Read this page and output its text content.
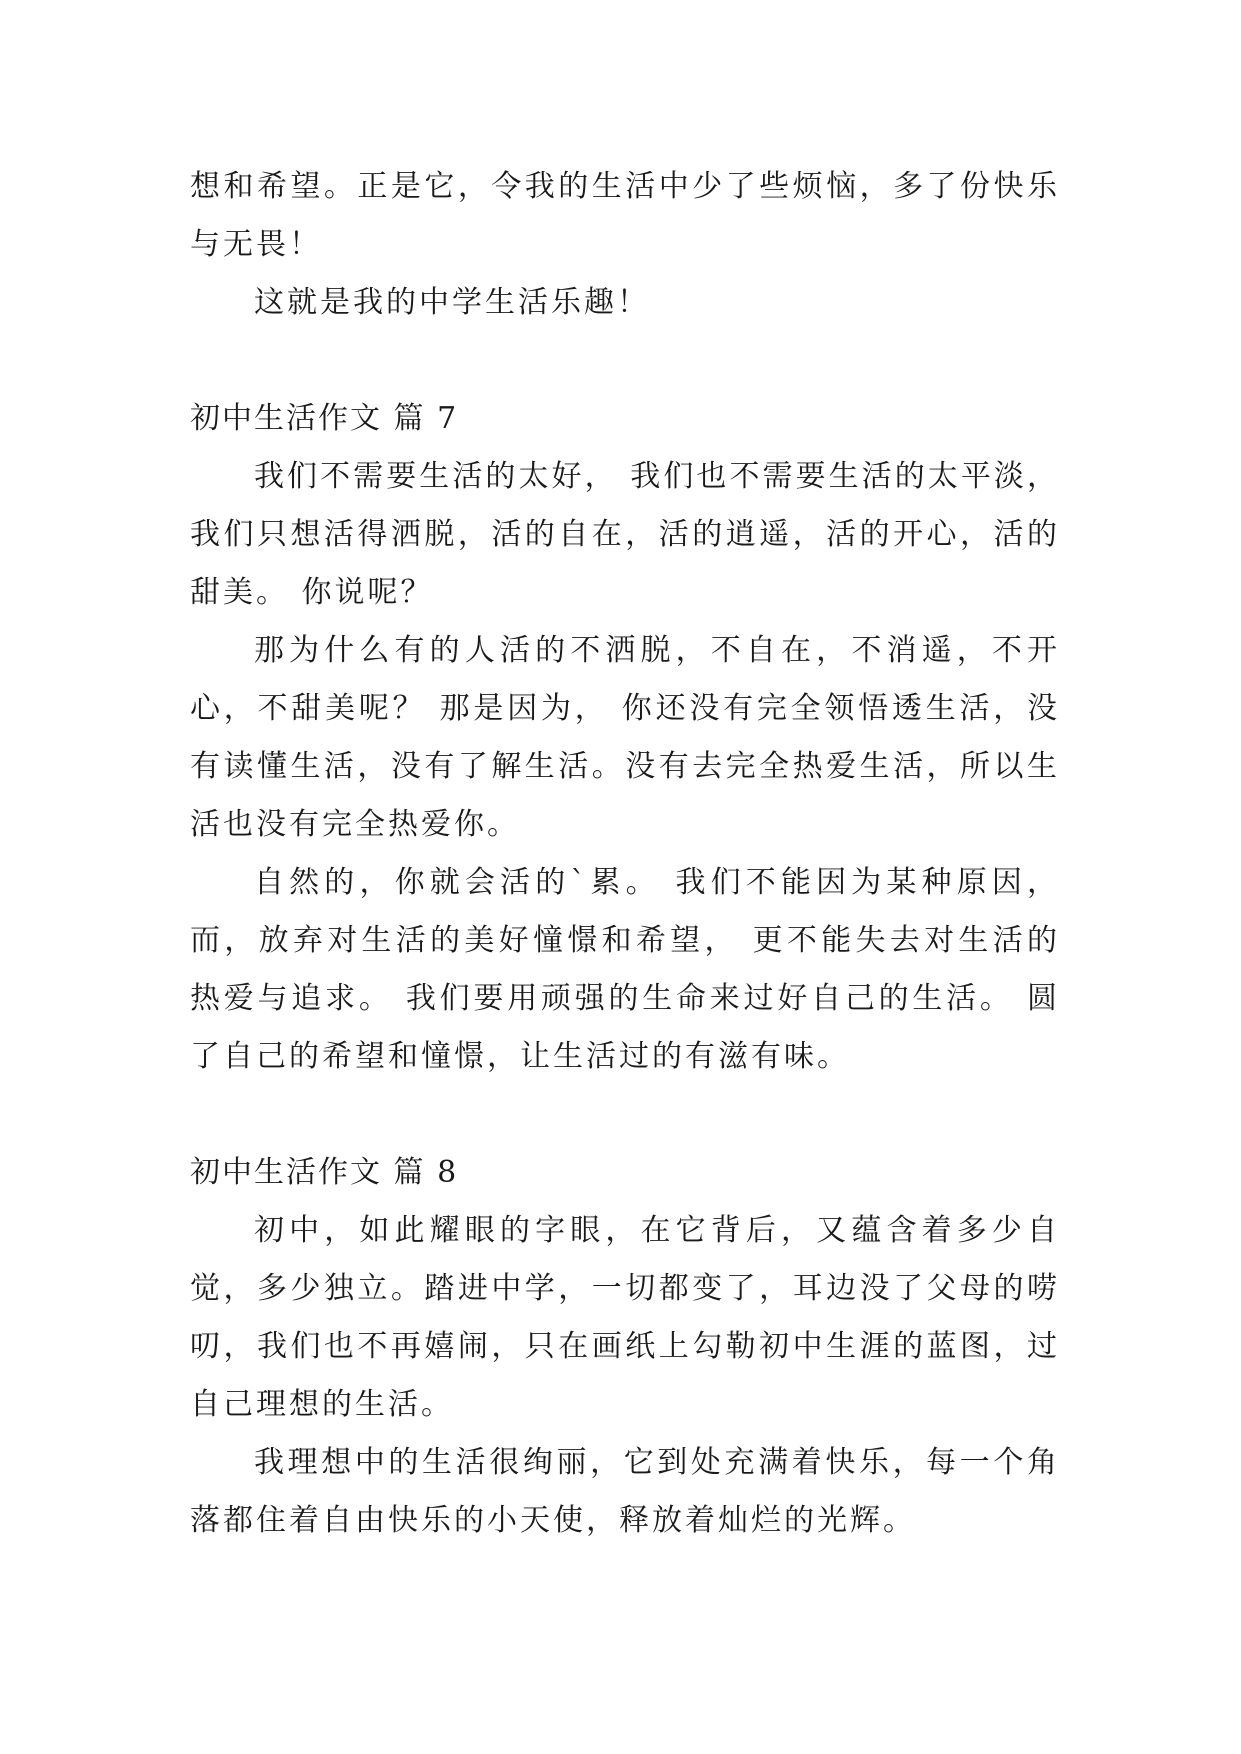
想和希望。正是它，令我的生活中少了些烦恼，多了份快乐与无畏！

这就是我的中学生活乐趣！

初中生活作文 篇 7

我们不需要生活的太好， 我们也不需要生活的太平淡，我们只想活得洒脱，活的自在，活的逍遥，活的开心，活的甜美。 你说呢？

那为什么有的人活的不洒脱，不自在，不消遥，不开心，不甜美呢？ 那是因为， 你还没有完全领悟透生活，没有读懂生活，没有了解生活。没有去完全热爱生活，所以生活也没有完全热爱你。

自然的，你就会活的`累。 我们不能因为某种原因，而，放弃对生活的美好憧憬和希望， 更不能失去对生活的热爱与追求。 我们要用顽强的生命来过好自己的生活。 圆了自己的希望和憧憬，让生活过的有滋有味。

初中生活作文 篇 8

初中，如此耀眼的字眼，在它背后，又蕴含着多少自觉，多少独立。踏进中学，一切都变了，耳边没了父母的唠叨，我们也不再嬉闹，只在画纸上勾勒初中生涯的蓝图，过自己理想的生活。

我理想中的生活很绚丽，它到处充满着快乐，每一个角落都住着自由快乐的小天使，释放着灿烂的光辉。
